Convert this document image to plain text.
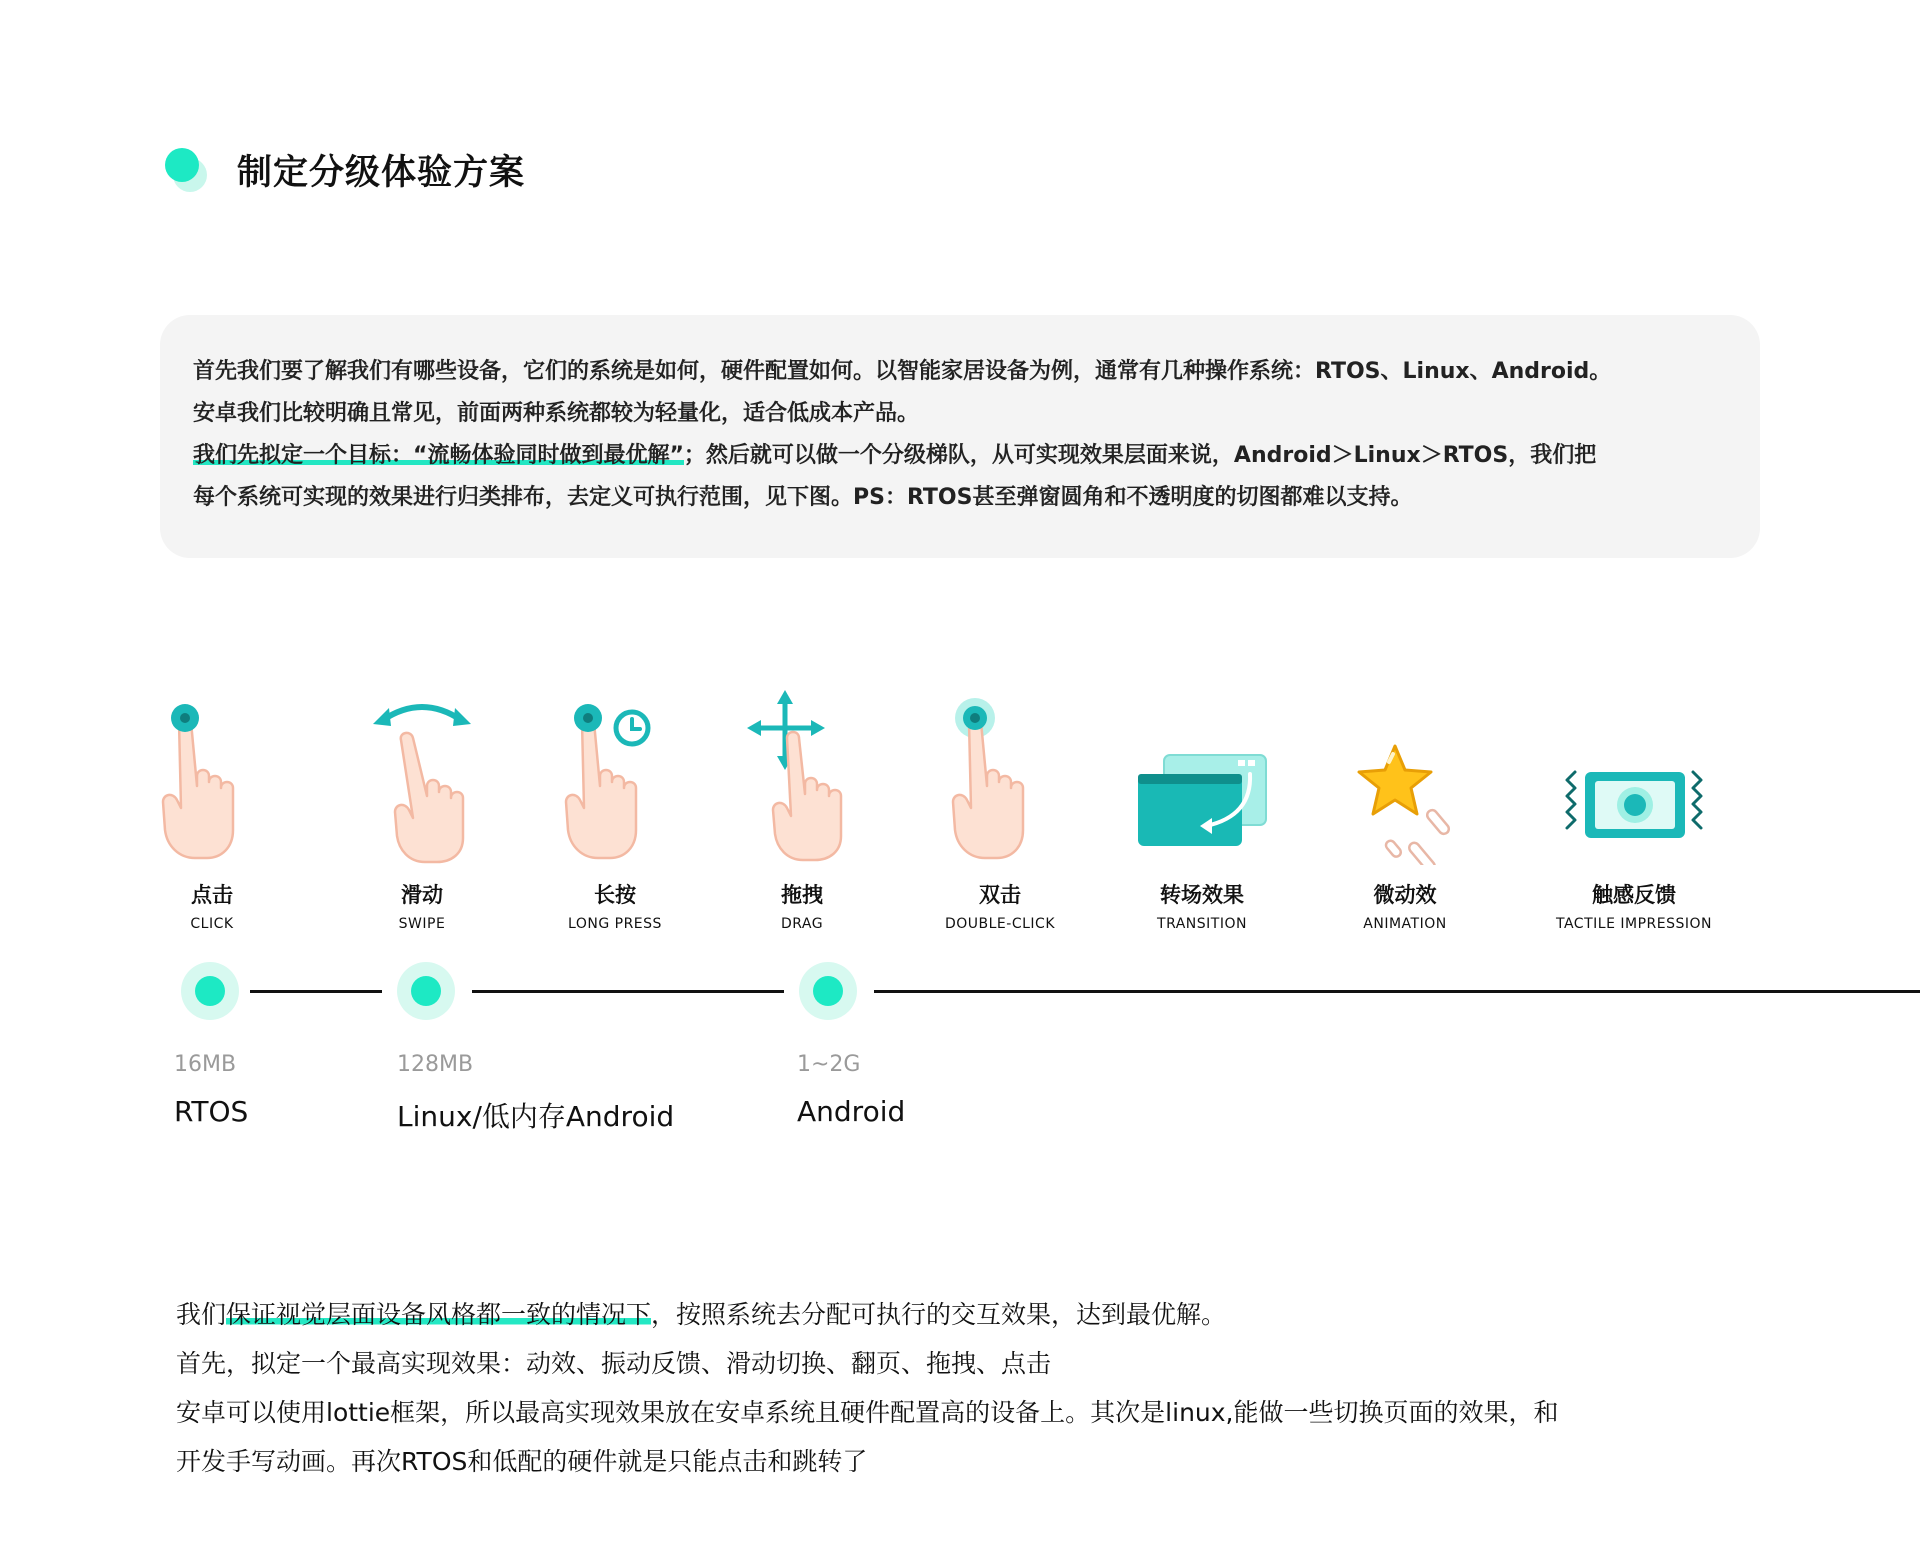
制定分级体验方案

首先我们要了解我们有哪些设备，它们的系统是如何，硬件配置如何。以智能家居设备为例，通常有几种操作系统：RTOS、Linux、Android。

安卓我们比较明确且常见，前面两种系统都较为轻量化，适合低成本产品。

我们先拟定一个目标：“流畅体验同时做到最优解”；然后就可以做一个分级梯队，从可实现效果层面来说，Android＞Linux＞RTOS，我们把

每个系统可实现的效果进行归类排布，去定义可执行范围，见下图。PS：RTOS甚至弹窗圆角和不透明度的切图都难以支持。

点击
CLICK
滑动
SWIPE
长按
LONG PRESS
拖拽
DRAG
双击
DOUBLE-CLICK
转场效果
TRANSITION
微动效
ANIMATION
触感反馈
TACTILE IMPRESSION
16MB
RTOS
128MB
Linux/低内存Android
1~2G
Android

我们保证视觉层面设备风格都一致的情况下，按照系统去分配可执行的交互效果，达到最优解。

首先，拟定一个最高实现效果：动效、振动反馈、滑动切换、翻页、拖拽、点击

安卓可以使用lottie框架，所以最高实现效果放在安卓系统且硬件配置高的设备上。其次是linux,能做一些切换页面的效果，和

开发手写动画。再次RTOS和低配的硬件就是只能点击和跳转了
